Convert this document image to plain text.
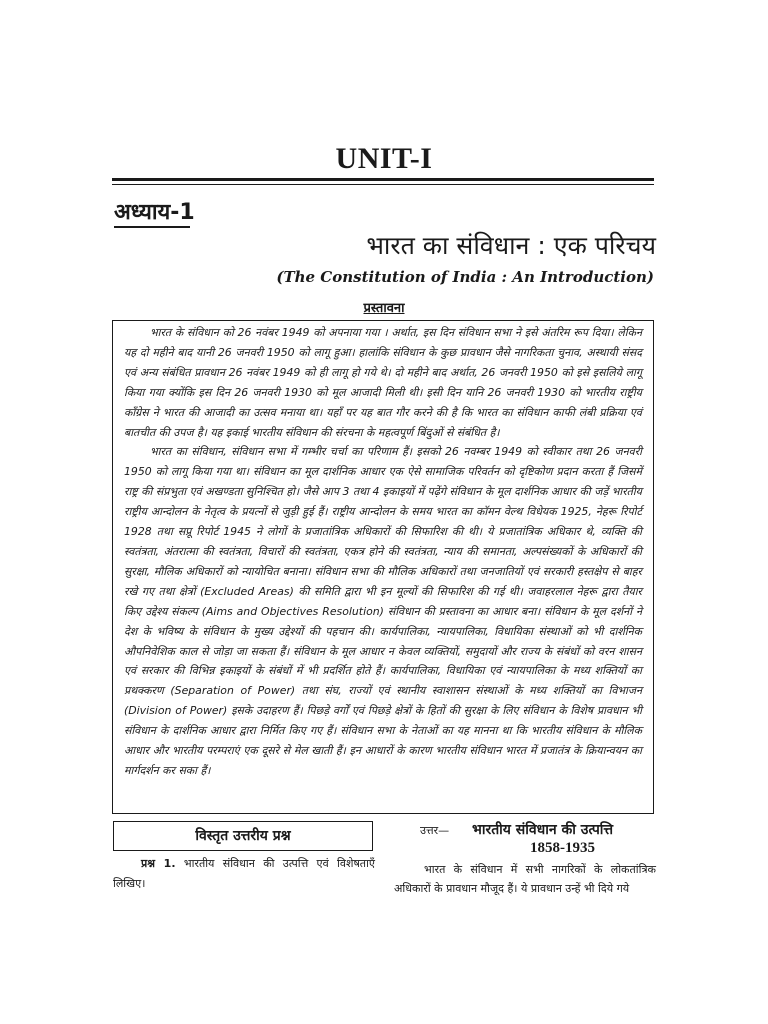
UNIT-I
अध्याय-1
भारत का संविधान : एक परिचय
(The Constitution of India : An Introduction)
प्रस्तावना

भारत के संविधान को 26 नवंबर 1949 को अपनाया गया । अर्थात, इस दिन संविधान सभा ने इसे अंतरिम रूप दिया। लेकिन यह दो महीने बाद यानी 26 जनवरी 1950 को लागू हुआ। हालांकि संविधान के कुछ प्रावधान जैसे नागरिकता चुनाव, अस्थायी संसद एवं अन्य संबंधित प्रावधान 26 नवंबर 1949 को ही लागू हो गये थे। दो महीने बाद अर्थात, 26 जनवरी 1950 को इसे इसलिये लागू किया गया क्योंकि इस दिन 26 जनवरी 1930 को मूल आजादी मिली थी। इसी दिन यानि 26 जनवरी 1930 को भारतीय राष्ट्रीय कॉंग्रेस ने भारत की आजादी का उत्सव मनाया था। यहाँ पर यह बात गौर करने की है कि भारत का संविधान काफी लंबी प्रक्रिया एवं बातचीत की उपज है। यह इकाई भारतीय संविधान की संरचना के महत्वपूर्ण बिंदुओं से संबंधित है।

भारत का संविधान, संविधान सभा में गम्भीर चर्चा का परिणाम हैं। इसको 26 नवम्बर 1949 को स्वीकार तथा 26 जनवरी 1950 को लागू किया गया था। संविधान का मूल दार्शनिक आधार एक ऐसे सामाजिक परिवर्तन को दृष्टिकोण प्रदान करता हैं जिसमें राष्ट्र की संप्रभुता एवं अखण्डता सुनिश्चित हो। जैसे आप 3 तथा 4 इकाइयों में पढ़ेंगे संविधान के मूल दार्शनिक आधार की जड़ें भारतीय राष्ट्रीय आन्दोलन के नेतृत्व के प्रयत्नों से जुड़ी हुई हैं। राष्ट्रीय आन्दोलन के समय भारत का कॉमन वेल्थ विधेयक 1925, नेहरू रिपोर्ट 1928 तथा सप्रू रिपोर्ट 1945 ने लोगों के प्रजातांत्रिक अधिकारों की सिफारिश की थी। ये प्रजातांत्रिक अधिकार थे, व्यक्ति की स्वतंत्रता, अंतरात्मा की स्वतंत्रता, विचारों की स्वतंत्रता, एकत्र होने की स्वतंत्रता, न्याय की समानता, अल्पसंख्यकों के अधिकारों की सुरक्षा, मौलिक अधिकारों को न्यायोचित बनाना। संविधान सभा की मौलिक अधिकारों तथा जनजातियों एवं सरकारी हस्तक्षेप से बाहर रखे गए तथा क्षेत्रों (Excluded Areas) की समिति द्वारा भी इन मूल्यों की सिफारिश की गई थी। जवाहरलाल नेहरू द्वारा तैयार किए उद्देश्य संकल्प (Aims and Objectives Resolution) संविधान की प्रस्तावना का आधार बना। संविधान के मूल दर्शनों ने देश के भविष्य के संविधान के मुख्य उद्देश्यों की पहचान की। कार्यपालिका, न्यायपालिका, विधायिका संस्थाओं को भी दार्शनिक औपनिवेशिक काल से जोड़ा जा सकता हैं। संविधान के मूल आधार न केवल व्यक्तियों, समुदायों और राज्य के संबंधों को वरन शासन एवं सरकार की विभिन्न इकाइयों के संबंधों में भी प्रदर्शित होते हैं। कार्यपालिका, विधायिका एवं न्यायपालिका के मध्य शक्तियों का प्रथक्करण (Separation of Power) तथा संघ, राज्यों एवं स्थानीय स्वाशासन संस्थाओं के मध्य शक्तियों का विभाजन (Division of Power) इसके उदाहरण हैं। पिछड़े वर्गों एवं पिछड़े क्षेत्रों के हितों की सुरक्षा के लिए संविधान के विशेष प्रावधान भी संविधान के दार्शनिक आधार द्वारा निर्मित किए गए हैं। संविधान सभा के नेताओं का यह मानना था कि भारतीय संविधान के मौलिक आधार और भारतीय परम्पराएं एक दूसरे से मेल खाती हैं। इन आधारों के कारण भारतीय संविधान भारत में प्रजातंत्र के क्रियान्वयन का मार्गदर्शन कर सका हैं।

विस्तृत उत्तरीय प्रश्न
प्रश्न 1. भारतीय संविधान की उत्पत्ति एवं विशेषताएँ लिखिए।
उत्तर— भारतीय संविधान की उत्पत्ति
1858-1935
भारत के संविधान में सभी नागरिकों के लोकतांत्रिक अधिकारों के प्रावधान मौजूद हैं। ये प्रावधान उन्हें भी दिये गये
